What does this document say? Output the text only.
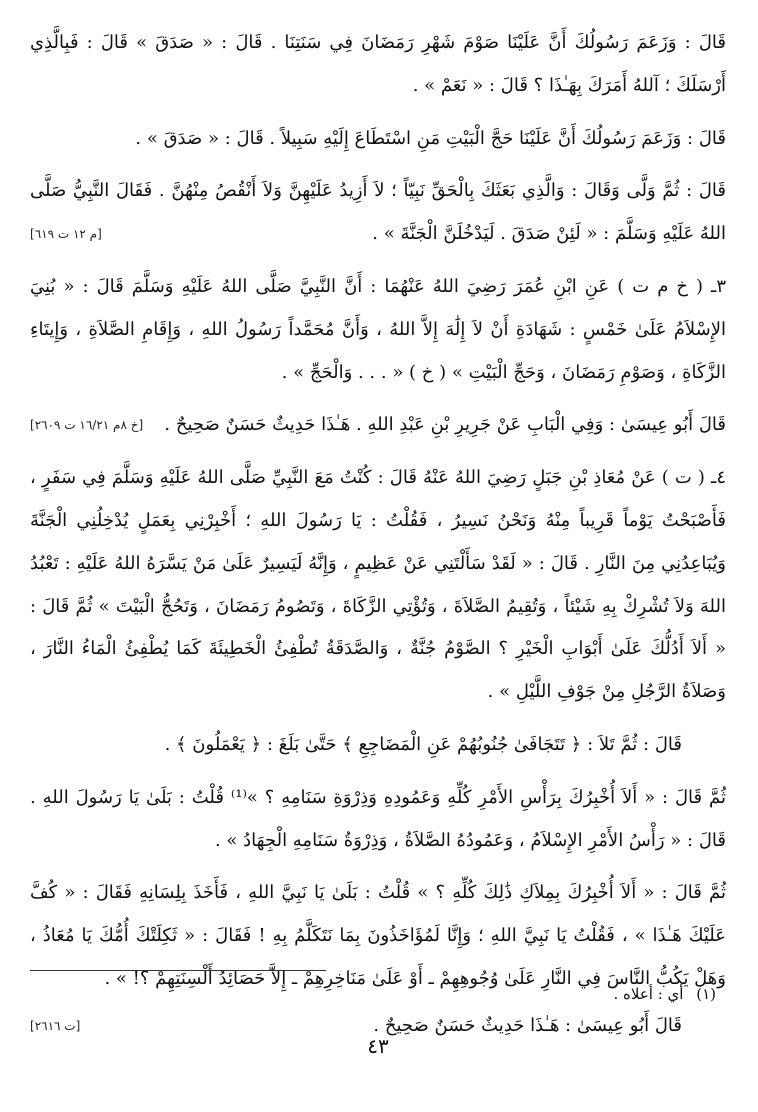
قَالَ : وَزَعَمَ رَسُولُكَ أَنَّ عَلَيْنَا صَوْمَ شَهْرِ رَمَضَانَ فِي سَنَتِنَا . قَالَ : « صَدَقَ » قَالَ : فَبِالَّذِي أَرْسَلَكَ ؛ آللهُ أَمَرَكَ بِهَـٰذَا ؟ قَالَ : « نَعَمْ » .

قَالَ : وَزَعَمَ رَسُولُكَ أَنَّ عَلَيْنَا حَجَّ الْبَيْتِ مَنِ اسْتَطَاعَ إِلَيْهِ سَبِيلاً . قَالَ : « صَدَقَ » .

قَالَ : ثُمَّ وَلَّى وَقَالَ : وَالَّذِي بَعَثَكَ بِالْحَقِّ نَبِيّاً ؛ لاَ أَزِيدُ عَلَيْهِنَّ وَلاَ أَنْقُصُ مِنْهُنَّ . فَقَالَ النَّبِيُّ صَلَّى اللهُ عَلَيْهِ وَسَلَّمَ : « لَئِنْ صَدَقَ . لَيَدْخُلَنَّ الْجَنَّةَ » .
[م ١٢ ت ٦١٩]

٣ـ ( خ م ت ) عَنِ ابْنِ عُمَرَ رَضِيَ اللهُ عَنْهُمَا : أَنَّ النَّبِيَّ صَلَّى اللهُ عَلَيْهِ وَسَلَّمَ قَالَ : « بُنِيَ الإِسْلاَمُ عَلَىٰ خَمْسٍ : شَهَادَةِ أَنْ لاَ إِلَٰهَ إِلاَّ اللهُ ، وَأَنَّ مُحَمَّداً رَسُولُ اللهِ ، وَإِقَامِ الصَّلاَةِ ، وَإِيتَاءِ الزَّكَاةِ ، وَصَوْمِ رَمَضَانَ ، وَحَجِّ الْبَيْتِ » ( خ ) « . . . وَالْحَجِّ » .

قَالَ أَبُو عِيسَىٰ : وَفِي الْبَابِ عَنْ جَرِيرِ بْنِ عَبْدِ اللهِ . هَـٰذَا حَدِيثٌ حَسَنٌ صَحِيحٌ .
[خ ٨م ١٦/٢١ ت ٢٦٠٩]

٤ـ ( ت ) عَنْ مُعَاذِ بْنِ جَبَلٍ رَضِيَ اللهُ عَنْهُ قَالَ : كُنْتُ مَعَ النَّبِيِّ صَلَّى اللهُ عَلَيْهِ وَسَلَّمَ فِي سَفَرٍ ، فَأَصْبَحْتُ يَوْماً قَرِيباً مِنْهُ وَنَحْنُ نَسِيرُ ، فَقُلْتُ : يَا رَسُولَ اللهِ ؛ أَخْبِرْنِي بِعَمَلٍ يُدْخِلُنِي الْجَنَّةَ وَيُبَاعِدُنِي مِنَ النَّارِ . قَالَ : « لَقَدْ سَأَلْتَنِي عَنْ عَظِيمٍ ، وَإِنَّهُ لَيَسِيرٌ عَلَىٰ مَنْ يَسَّرَهُ اللهُ عَلَيْهِ : تَعْبُدُ اللهَ وَلاَ تُشْرِكْ بِهِ شَيْئاً ، وَتُقِيمُ الصَّلاَةَ ، وَتُؤْتِي الزَّكَاةَ ، وَتَصُومُ رَمَضَانَ ، وَتَحُجُّ الْبَيْتَ » ثُمَّ قَالَ : « أَلاَ أَدُلُّكَ عَلَىٰ أَبْوَابِ الْخَيْرِ ؟ الصَّوْمُ جُنَّةٌ ، وَالصَّدَقَةُ تُطْفِئُ الْخَطِيئَةَ كَمَا يُطْفِئُ الْمَاءُ النَّارَ ، وَصَلاَةُ الرَّجُلِ مِنْ جَوْفِ اللَّيْلِ » .

قَالَ : ثُمَّ تَلاَ : ﴿ تَتَجَافَىٰ جُنُوبُهُمْ عَنِ الْمَضَاجِعِ ﴾ حَتَّىٰ بَلَغَ : ﴿ يَعْمَلُونَ ﴾ .

ثُمَّ قَالَ : « أَلاَ أُخْبِرُكَ بِرَأْسِ الأَمْرِ كُلِّهِ وَعَمُودِهِ وَذِرْوَةِ سَنَامِهِ ؟ »⁽¹⁾ قُلْتُ : بَلَىٰ يَا رَسُولَ اللهِ . قَالَ : « رَأْسُ الأَمْرِ الإِسْلاَمُ ، وَعَمُودُهُ الصَّلاَةُ ، وَذِرْوَةُ سَنَامِهِ الْجِهَادُ » .

ثُمَّ قَالَ : « أَلاَ أُخْبِرُكَ بِمِلاَكِ ذَٰلِكَ كُلِّهِ ؟ » قُلْتُ : بَلَىٰ يَا نَبِيَّ اللهِ ، فَأَخَذَ بِلِسَانِهِ فَقَالَ : « كُفَّ عَلَيْكَ هَـٰذَا » ، فَقُلْتُ يَا نَبِيَّ اللهِ ؛ وَإِنَّا لَمُؤَاخَذُونَ بِمَا نَتَكَلَّمُ بِهِ ! فَقَالَ : « ثَكِلَتْكَ أُمُّكَ يَا مُعَاذُ ، وَهَلْ يَكُبُّ النَّاسَ فِي النَّارِ عَلَىٰ وُجُوهِهِمْ ـ أَوْ عَلَىٰ مَنَاخِرِهِمْ ـ إِلاَّ حَصَائِدُ أَلْسِنَتِهِمْ ؟! » .

قَالَ أَبُو عِيسَىٰ : هَـٰذَا حَدِيثٌ حَسَنٌ صَحِيحٌ .
[ت ٢٦١٦]
(١) أي : أعلاه .
٤٣
